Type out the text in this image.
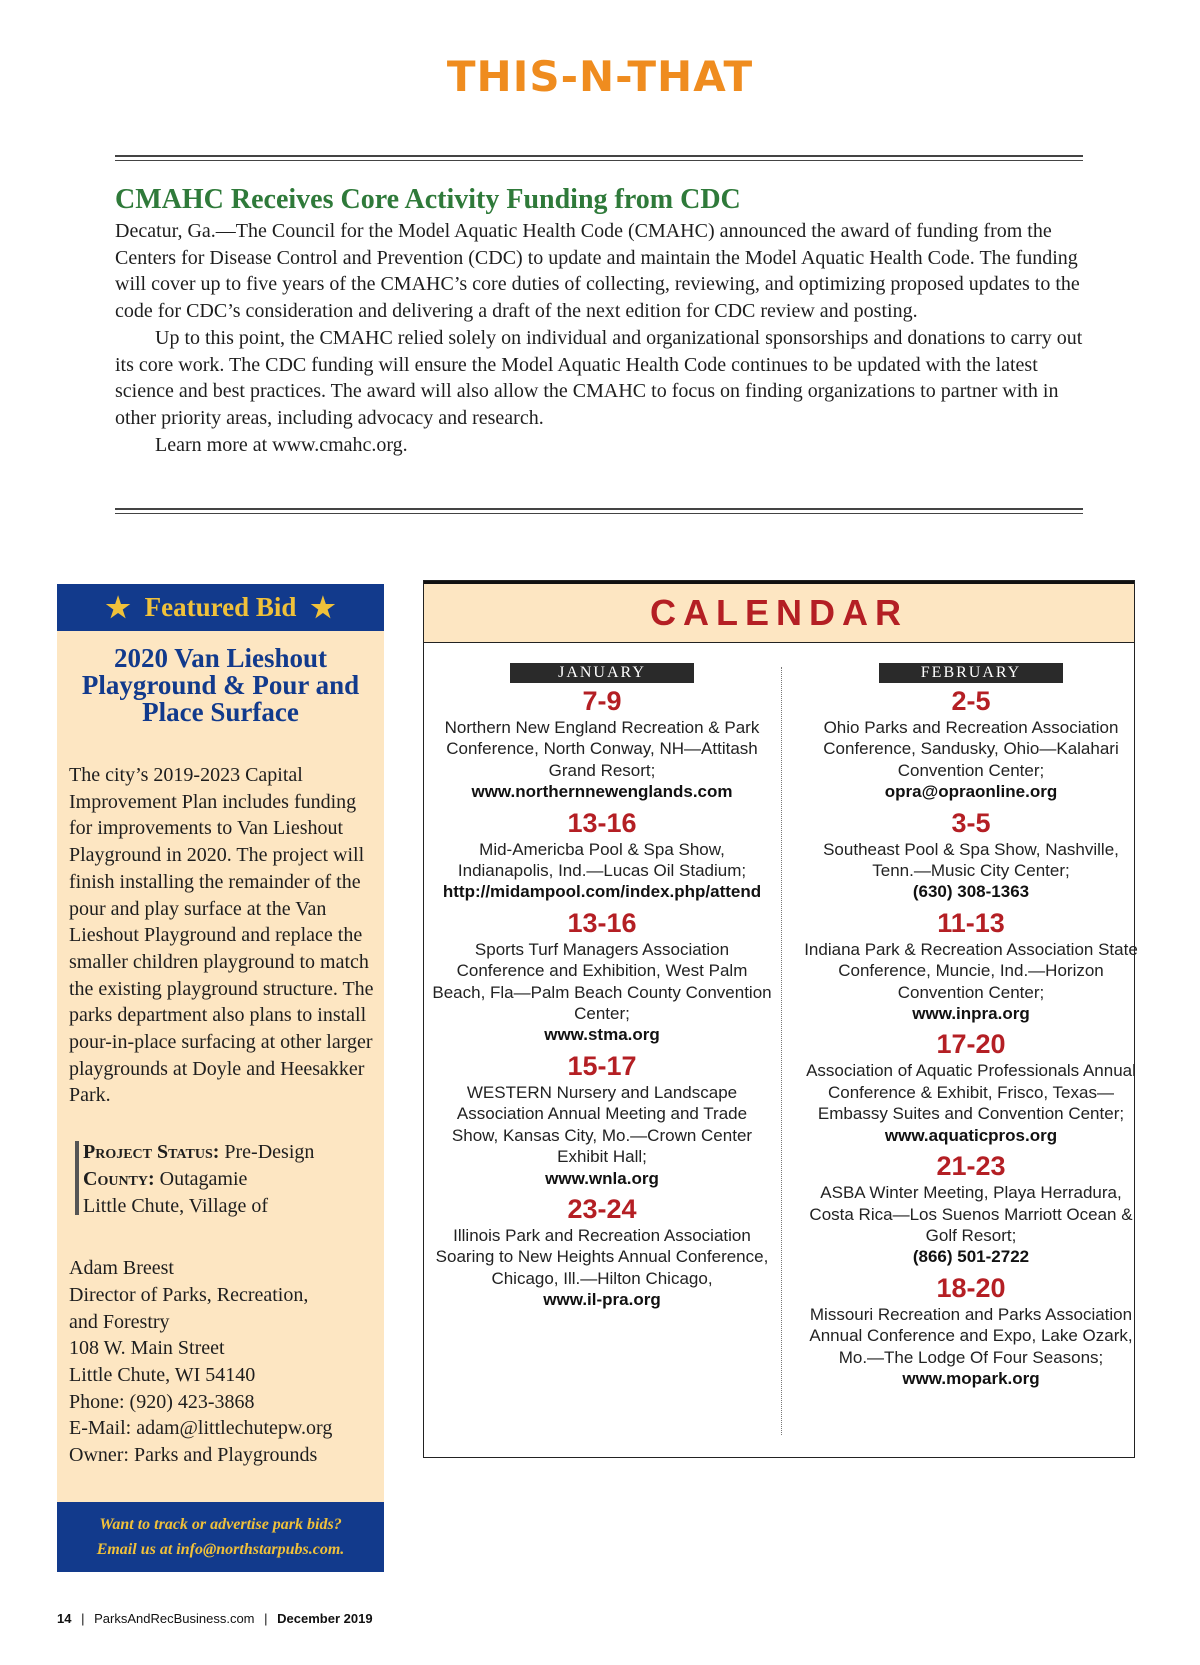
THIS-N-THAT
CMAHC Receives Core Activity Funding from CDC

Decatur, Ga.—The Council for the Model Aquatic Health Code (CMAHC) announced the award of funding from the Centers for Disease Control and Prevention (CDC) to update and maintain the Model Aquatic Health Code. The funding will cover up to five years of the CMAHC’s core duties of collecting, reviewing, and optimizing proposed updates to the code for CDC’s consideration and delivering a draft of the next edition for CDC review and posting.

Up to this point, the CMAHC relied solely on individual and organizational sponsorships and donations to carry out its core work. The CDC funding will ensure the Model Aquatic Health Code continues to be updated with the latest science and best practices. The award will also allow the CMAHC to focus on finding organizations to partner with in other priority areas, including advocacy and research.

Learn more at www.cmahc.org.

★ Featured Bid ★
2020 Van Lieshout Playground & Pour and Place Surface
The city’s 2019-2023 Capital Improvement Plan includes funding for improvements to Van Lieshout Playground in 2020. The project will finish installing the remainder of the pour and play surface at the Van Lieshout Playground and replace the smaller children playground to match the existing playground structure. The parks department also plans to install pour-in-place surfacing at other larger playgrounds at Doyle and Heesakker Park.
Project Status: Pre-Design
County: Outagamie
Little Chute, Village of
Adam Breest
Director of Parks, Recreation,
and Forestry
108 W. Main Street
Little Chute, WI 54140
Phone: (920) 423-3868
E-Mail: adam@littlechutepw.org
Owner: Parks and Playgrounds
Want to track or advertise park bids?
Email us at info@northstarpubs.com.
CALENDAR
JANUARY
7-9
Northern New England Recreation & Park Conference, North Conway, NH—Attitash Grand Resort;
www.northernnewenglands.com
13-16
Mid-Americba Pool & Spa Show, Indianapolis, Ind.—Lucas Oil Stadium;
http://midampool.com/index.php/attend
13-16
Sports Turf Managers Association Conference and Exhibition, West Palm Beach, Fla—Palm Beach County Convention Center;
www.stma.org
15-17
WESTERN Nursery and Landscape Association Annual Meeting and Trade Show, Kansas City, Mo.—Crown Center Exhibit Hall;
www.wnla.org
23-24
Illinois Park and Recreation Association Soaring to New Heights Annual Conference, Chicago, Ill.—Hilton Chicago,
www.il-pra.org
FEBRUARY
2-5
Ohio Parks and Recreation Association Conference, Sandusky, Ohio—Kalahari Convention Center;
opra@opraonline.org
3-5
Southeast Pool & Spa Show, Nashville, Tenn.—Music City Center;
(630) 308-1363
11-13
Indiana Park & Recreation Association State Conference, Muncie, Ind.—Horizon Convention Center;
www.inpra.org
17-20
Association of Aquatic Professionals Annual Conference & Exhibit, Frisco, Texas—Embassy Suites and Convention Center;
www.aquaticpros.org
21-23
ASBA Winter Meeting, Playa Herradura, Costa Rica—Los Suenos Marriott Ocean & Golf Resort;
(866) 501-2722
18-20
Missouri Recreation and Parks Association Annual Conference and Expo, Lake Ozark, Mo.—The Lodge Of Four Seasons;
www.mopark.org
14 | ParksAndRecBusiness.com | December 2019
